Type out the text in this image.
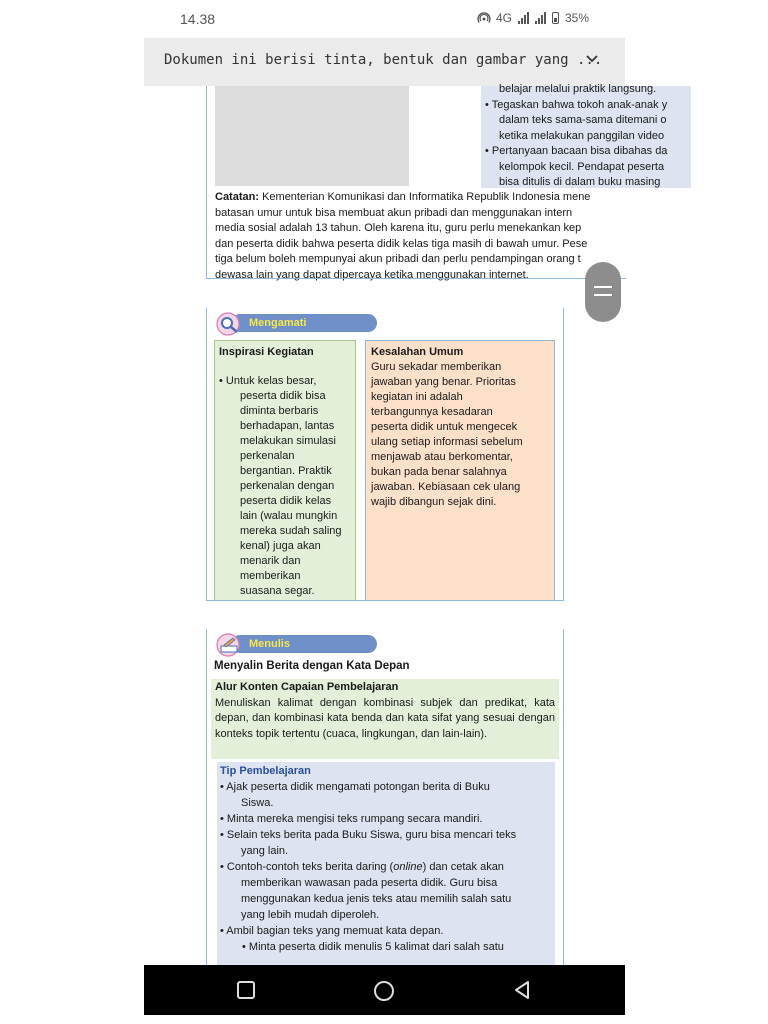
14.38	4G	35%
Dokumen ini berisi tinta, bentuk dan gambar yang ...
belajar melalui praktik langsung.
• Tegaskan bahwa tokoh anak-anak y
dalam teks sama-sama ditemani o
ketika melakukan panggilan video
• Pertanyaan bacaan bisa dibahas da
kelompok kecil. Pendapat peserta
bisa ditulis di dalam buku masing
Catatan: Kementerian Komunikasi dan Informatika Republik Indonesia mene
batasan umur untuk bisa membuat akun pribadi dan menggunakan intern
media sosial adalah 13 tahun. Oleh karena itu, guru perlu menekankan kep
dan peserta didik bahwa peserta didik kelas tiga masih di bawah umur. Pese
tiga belum boleh mempunyai akun pribadi dan perlu pendampingan orang t
dewasa lain yang dapat dipercaya ketika menggunakan internet.
Mengamati
Inspirasi Kegiatan
• Untuk kelas besar,
peserta didik bisa
diminta berbaris
berhadapan, lantas
melakukan simulasi
perkenalan
bergantian. Praktik
perkenalan dengan
peserta didik kelas
lain (walau mungkin
mereka sudah saling
kenal) juga akan
menarik dan
memberikan
suasana segar.
Kesalahan Umum
Guru sekadar memberikan
jawaban yang benar. Prioritas
kegiatan ini adalah
terbangunnya kesadaran
peserta didik untuk mengecek
ulang setiap informasi sebelum
menjawab atau berkomentar,
bukan pada benar salahnya
jawaban. Kebiasaan cek ulang
wajib dibangun sejak dini.
Menulis
Menyalin Berita dengan Kata Depan
Alur Konten Capaian Pembelajaran
Menuliskan kalimat dengan kombinasi subjek dan predikat, kata depan, dan kombinasi kata benda dan kata sifat yang sesuai dengan konteks topik tertentu (cuaca, lingkungan, dan lain-lain).
Tip Pembelajaran
• Ajak peserta didik mengamati potongan berita di Buku
Siswa.
• Minta mereka mengisi teks rumpang secara mandiri.
• Selain teks berita pada Buku Siswa, guru bisa mencari teks
yang lain.
• Contoh-contoh teks berita daring (online) dan cetak akan
memberikan wawasan pada peserta didik. Guru bisa
menggunakan kedua jenis teks atau memilih salah satu
yang lebih mudah diperoleh.
• Ambil bagian teks yang memuat kata depan.
• Minta peserta didik menulis 5 kalimat dari salah satu
